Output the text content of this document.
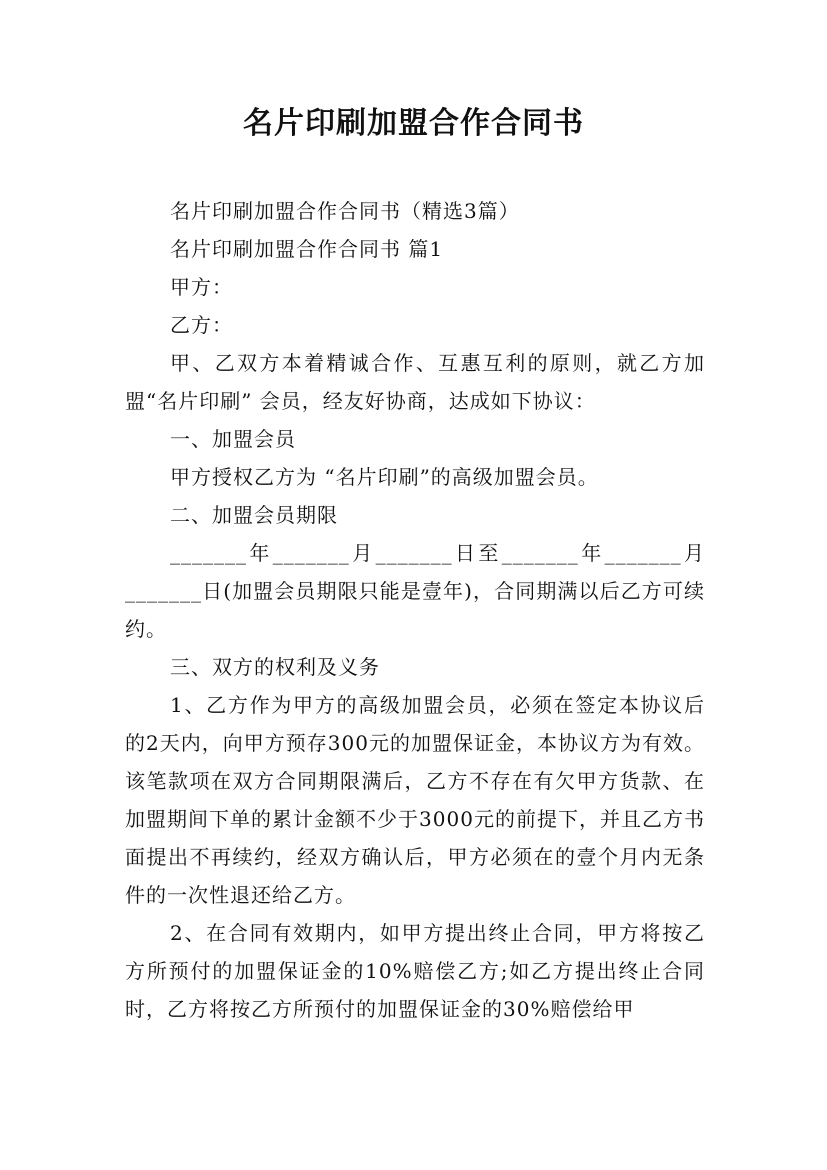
名片印刷加盟合作合同书

名片印刷加盟合作合同书（精选3篇）

名片印刷加盟合作合同书 篇1

甲方：

乙方：

甲、乙双方本着精诚合作、互惠互利的原则，就乙方加盟“名片印刷” 会员，经友好协商，达成如下协议：

一、加盟会员

甲方授权乙方为 “名片印刷”的高级加盟会员。

二、加盟会员期限

_______年_______月_______日至_______年_______月_______日(加盟会员期限只能是壹年)，合同期满以后乙方可续约。

三、双方的权利及义务

1、乙方作为甲方的高级加盟会员，必须在签定本协议后的2天内，向甲方预存300元的加盟保证金，本协议方为有效。该笔款项在双方合同期限满后，乙方不存在有欠甲方货款、在加盟期间下单的累计金额不少于3000元的前提下，并且乙方书面提出不再续约，经双方确认后，甲方必须在的壹个月内无条件的一次性退还给乙方。

2、在合同有效期内，如甲方提出终止合同，甲方将按乙方所预付的加盟保证金的10%赔偿乙方;如乙方提出终止合同时，乙方将按乙方所预付的加盟保证金的30%赔偿给甲
